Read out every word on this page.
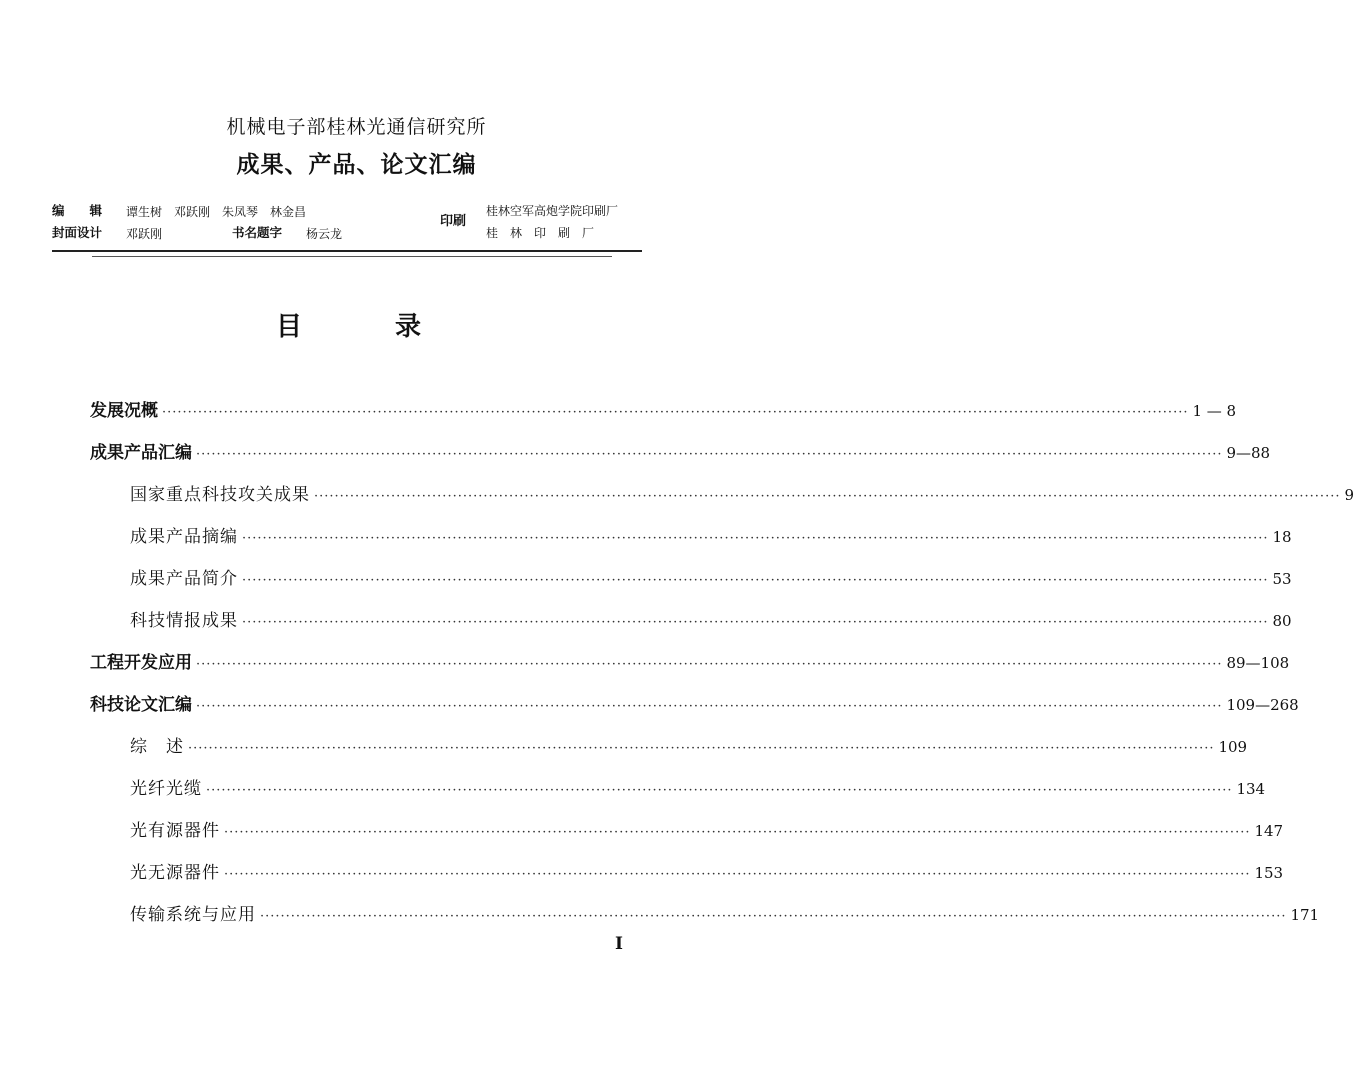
机械电子部桂林光通信研究所
成果、产品、论文汇编
编　　辑 谭生树　邓跃刚　朱凤琴　林金昌
封面设计 邓跃刚	书名题字 杨云龙
印刷
桂林空军高炮学院印刷厂
桂　林　印　刷　厂
目	录
发展况概 ········································································································································································································ 1 — 8
成果产品汇编 ········································································································································································································ 9—88
国家重点科技攻关成果 ········································································································································································································ 9
成果产品摘编 ········································································································································································································ 18
成果产品简介 ········································································································································································································ 53
科技情报成果 ········································································································································································································ 80
工程开发应用 ········································································································································································································ 89—108
科技论文汇编 ········································································································································································································ 109—268
综　述 ········································································································································································································ 109
光纤光缆 ········································································································································································································ 134
光有源器件 ········································································································································································································ 147
光无源器件 ········································································································································································································ 153
传输系统与应用 ········································································································································································································ 171
I
